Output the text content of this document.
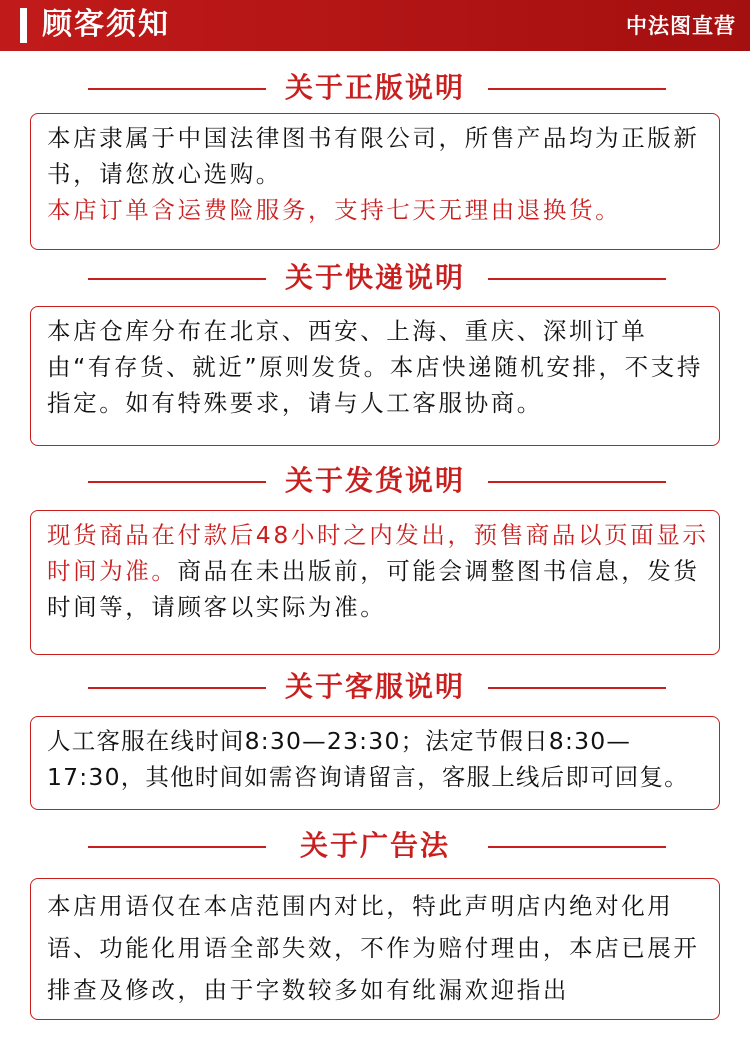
顾客须知	中法图直营
关于正版说明
本店隶属于中国法律图书有限公司，所售产品均为正版新书，请您放心选购。
本店订单含运费险服务，支持七天无理由退换货。
关于快递说明
本店仓库分布在北京、西安、上海、重庆、深圳订单由“有存货、就近”原则发货。本店快递随机安排，不支持指定。如有特殊要求，请与人工客服协商。
关于发货说明
现货商品在付款后48小时之内发出，预售商品以页面显示时间为准。商品在未出版前，可能会调整图书信息，发货时间等，请顾客以实际为准。
关于客服说明
人工客服在线时间8:30—23:30；法定节假日8:30—17:30，其他时间如需咨询请留言，客服上线后即可回复。
关于广告法
本店用语仅在本店范围内对比，特此声明店内绝对化用语、功能化用语全部失效，不作为赔付理由，本店已展开排查及修改，由于字数较多如有纰漏欢迎指出
